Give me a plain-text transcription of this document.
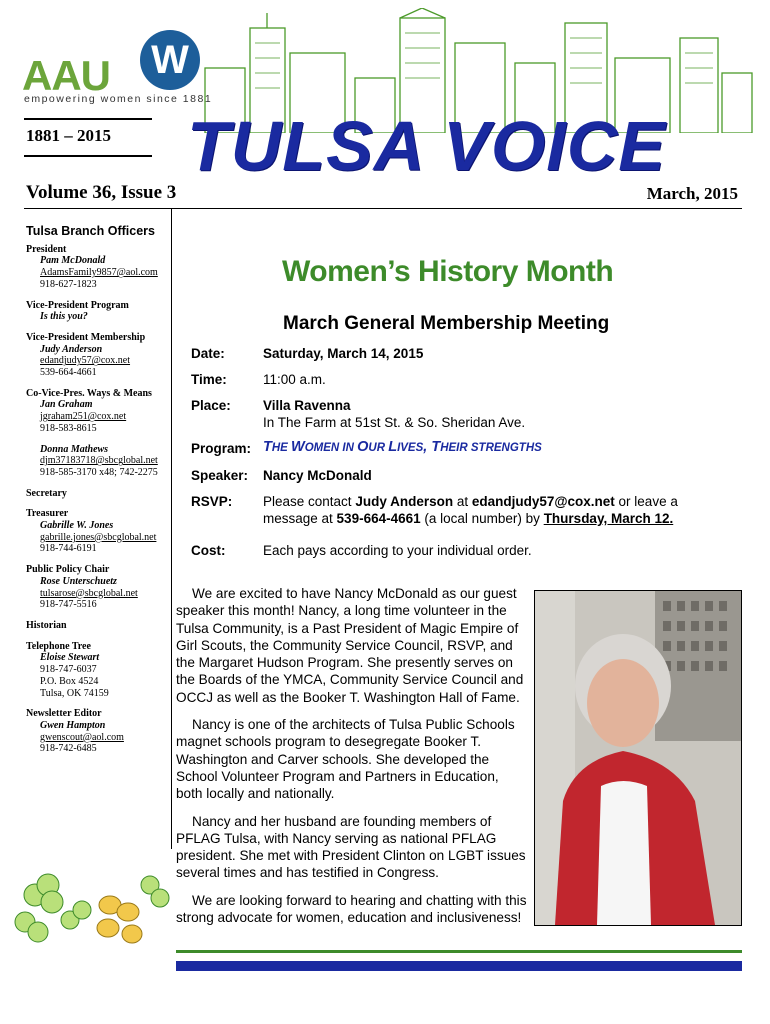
AAU W
empowering women since 1881
1881 – 2015 TULSA VOICE
Volume 36, Issue 3	March, 2015
Tulsa Branch Officers
President
Pam McDonald
AdamsFamily9857@aol.com
918-627-1823
Vice-President Program
Is this you?
Vice-President Membership
Judy Anderson
edandjudy57@cox.net
539-664-4661
Co-Vice-Pres. Ways & Means
Jan Graham
jgraham251@cox.net
918-583-8615
Donna Mathews
djm37183718@sbcglobal.net
918-585-3170 x48; 742-2275
Secretary
Treasurer
Gabrille W. Jones
gabrille.jones@sbcglobal.net
918-744-6191
Public Policy Chair
Rose Unterschuetz
tulsarose@sbcglobal.net
918-747-5516
Historian
Telephone Tree
Eloise Stewart
918-747-6037
P.O. Box 4524
Tulsa, OK 74159
Newsletter Editor
Gwen Hampton
gwenscout@aol.com
918-742-6485
Women’s History Month
March General Membership Meeting
Date:	Saturday, March 14, 2015
Time:	11:00 a.m.
Place: Villa Ravenna
In The Farm at 51st St. & So. Sheridan Ave.
Program: THE WOMEN IN OUR LIVES, THEIR STRENGTHS
Speaker: Nancy McDonald
RSVP: Please contact Judy Anderson at edandjudy57@cox.net or leave a message at 539-664-4661 (a local number) by Thursday, March 12.
Cost:	Each pays according to your individual order.

We are excited to have Nancy McDonald as our guest speaker this month! Nancy, a long time volunteer in the Tulsa Community, is a Past President of Magic Empire of Girl Scouts, the Community Service Council, RSVP, and the Margaret Hudson Program. She presently serves on the Boards of the YMCA, Community Service Council and OCCJ as well as the Booker T. Washington Hall of Fame.

Nancy is one of the architects of Tulsa Public Schools magnet schools program to desegregate Booker T. Washington and Carver schools. She developed the School Volunteer Program and Partners in Education, both locally and nationally.

Nancy and her husband are founding members of PFLAG Tulsa, with Nancy serving as national PFLAG president. She met with President Clinton on LGBT issues several times and has testified in Congress.

We are looking forward to hearing and chatting with this strong advocate for women, education and inclusiveness!
